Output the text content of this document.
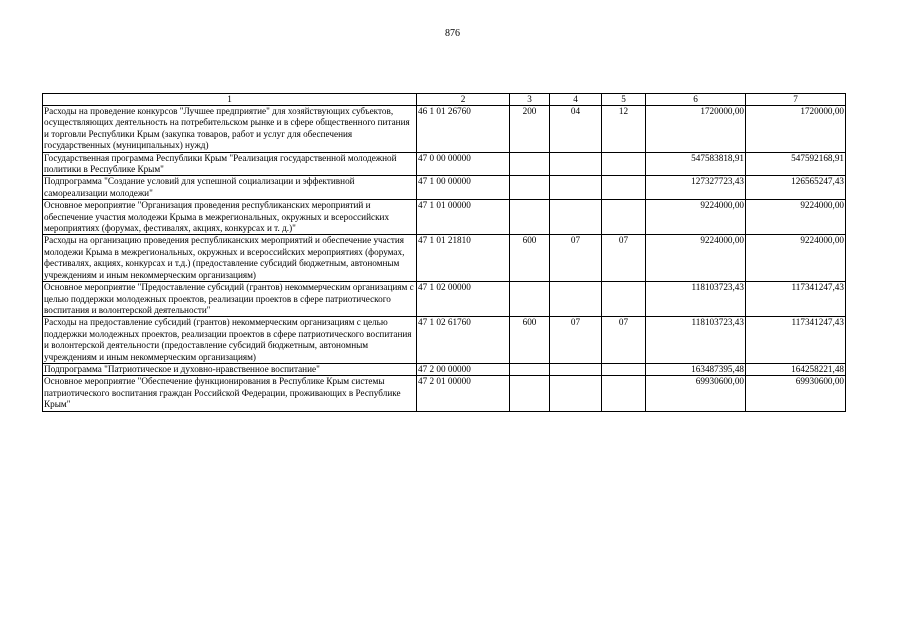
876
1	2	3	4	5	6	7
Расходы на проведение конкурсов "Лучшее предприятие" для хозяйствующих субъектов, осуществляющих деятельность на потребительском рынке и в сфере общественного питания и торговли Республики Крым (закупка товаров, работ и услуг для обеспечения государственных (муниципальных) нужд)	46 1 01 26760	200	04	12	1720000,00	1720000,00
Государственная программа Республики Крым "Реализация государственной молодежной политики в Республике Крым"	47 0 00 00000				547583818,91	547592168,91
Подпрограмма "Создание условий для успешной социализации и эффективной самореализации молодежи"	47 1 00 00000				127327723,43	126565247,43
Основное мероприятие "Организация проведения республиканских мероприятий и обеспечение участия молодежи Крыма в межрегиональных, окружных и всероссийских мероприятиях (форумах, фестивалях, акциях, конкурсах и т. д.)"	47 1 01 00000				9224000,00	9224000,00
Расходы на организацию проведения республиканских мероприятий и обеспечение участия молодежи Крыма в межрегиональных, окружных и всероссийских мероприятиях (форумах, фестивалях, акциях, конкурсах и т.д.) (предоставление субсидий бюджетным, автономным учреждениям и иным некоммерческим организациям)	47 1 01 21810	600	07	07	9224000,00	9224000,00
Основное мероприятие "Предоставление субсидий (грантов) некоммерческим организациям с целью поддержки молодежных проектов, реализации проектов в сфере патриотического воспитания и волонтерской деятельности"	47 1 02 00000				118103723,43	117341247,43
Расходы на предоставление субсидий (грантов) некоммерческим организациям с целью поддержки молодежных проектов, реализации проектов в сфере патриотического воспитания и волонтерской деятельности (предоставление субсидий бюджетным, автономным учреждениям и иным некоммерческим организациям)	47 1 02 61760	600	07	07	118103723,43	117341247,43
Подпрограмма "Патриотическое и духовно-нравственное воспитание"	47 2 00 00000				163487395,48	164258221,48
Основное мероприятие "Обеспечение функционирования в Республике Крым системы патриотического воспитания граждан Российской Федерации, проживающих в Республике Крым"	47 2 01 00000				69930600,00	69930600,00
